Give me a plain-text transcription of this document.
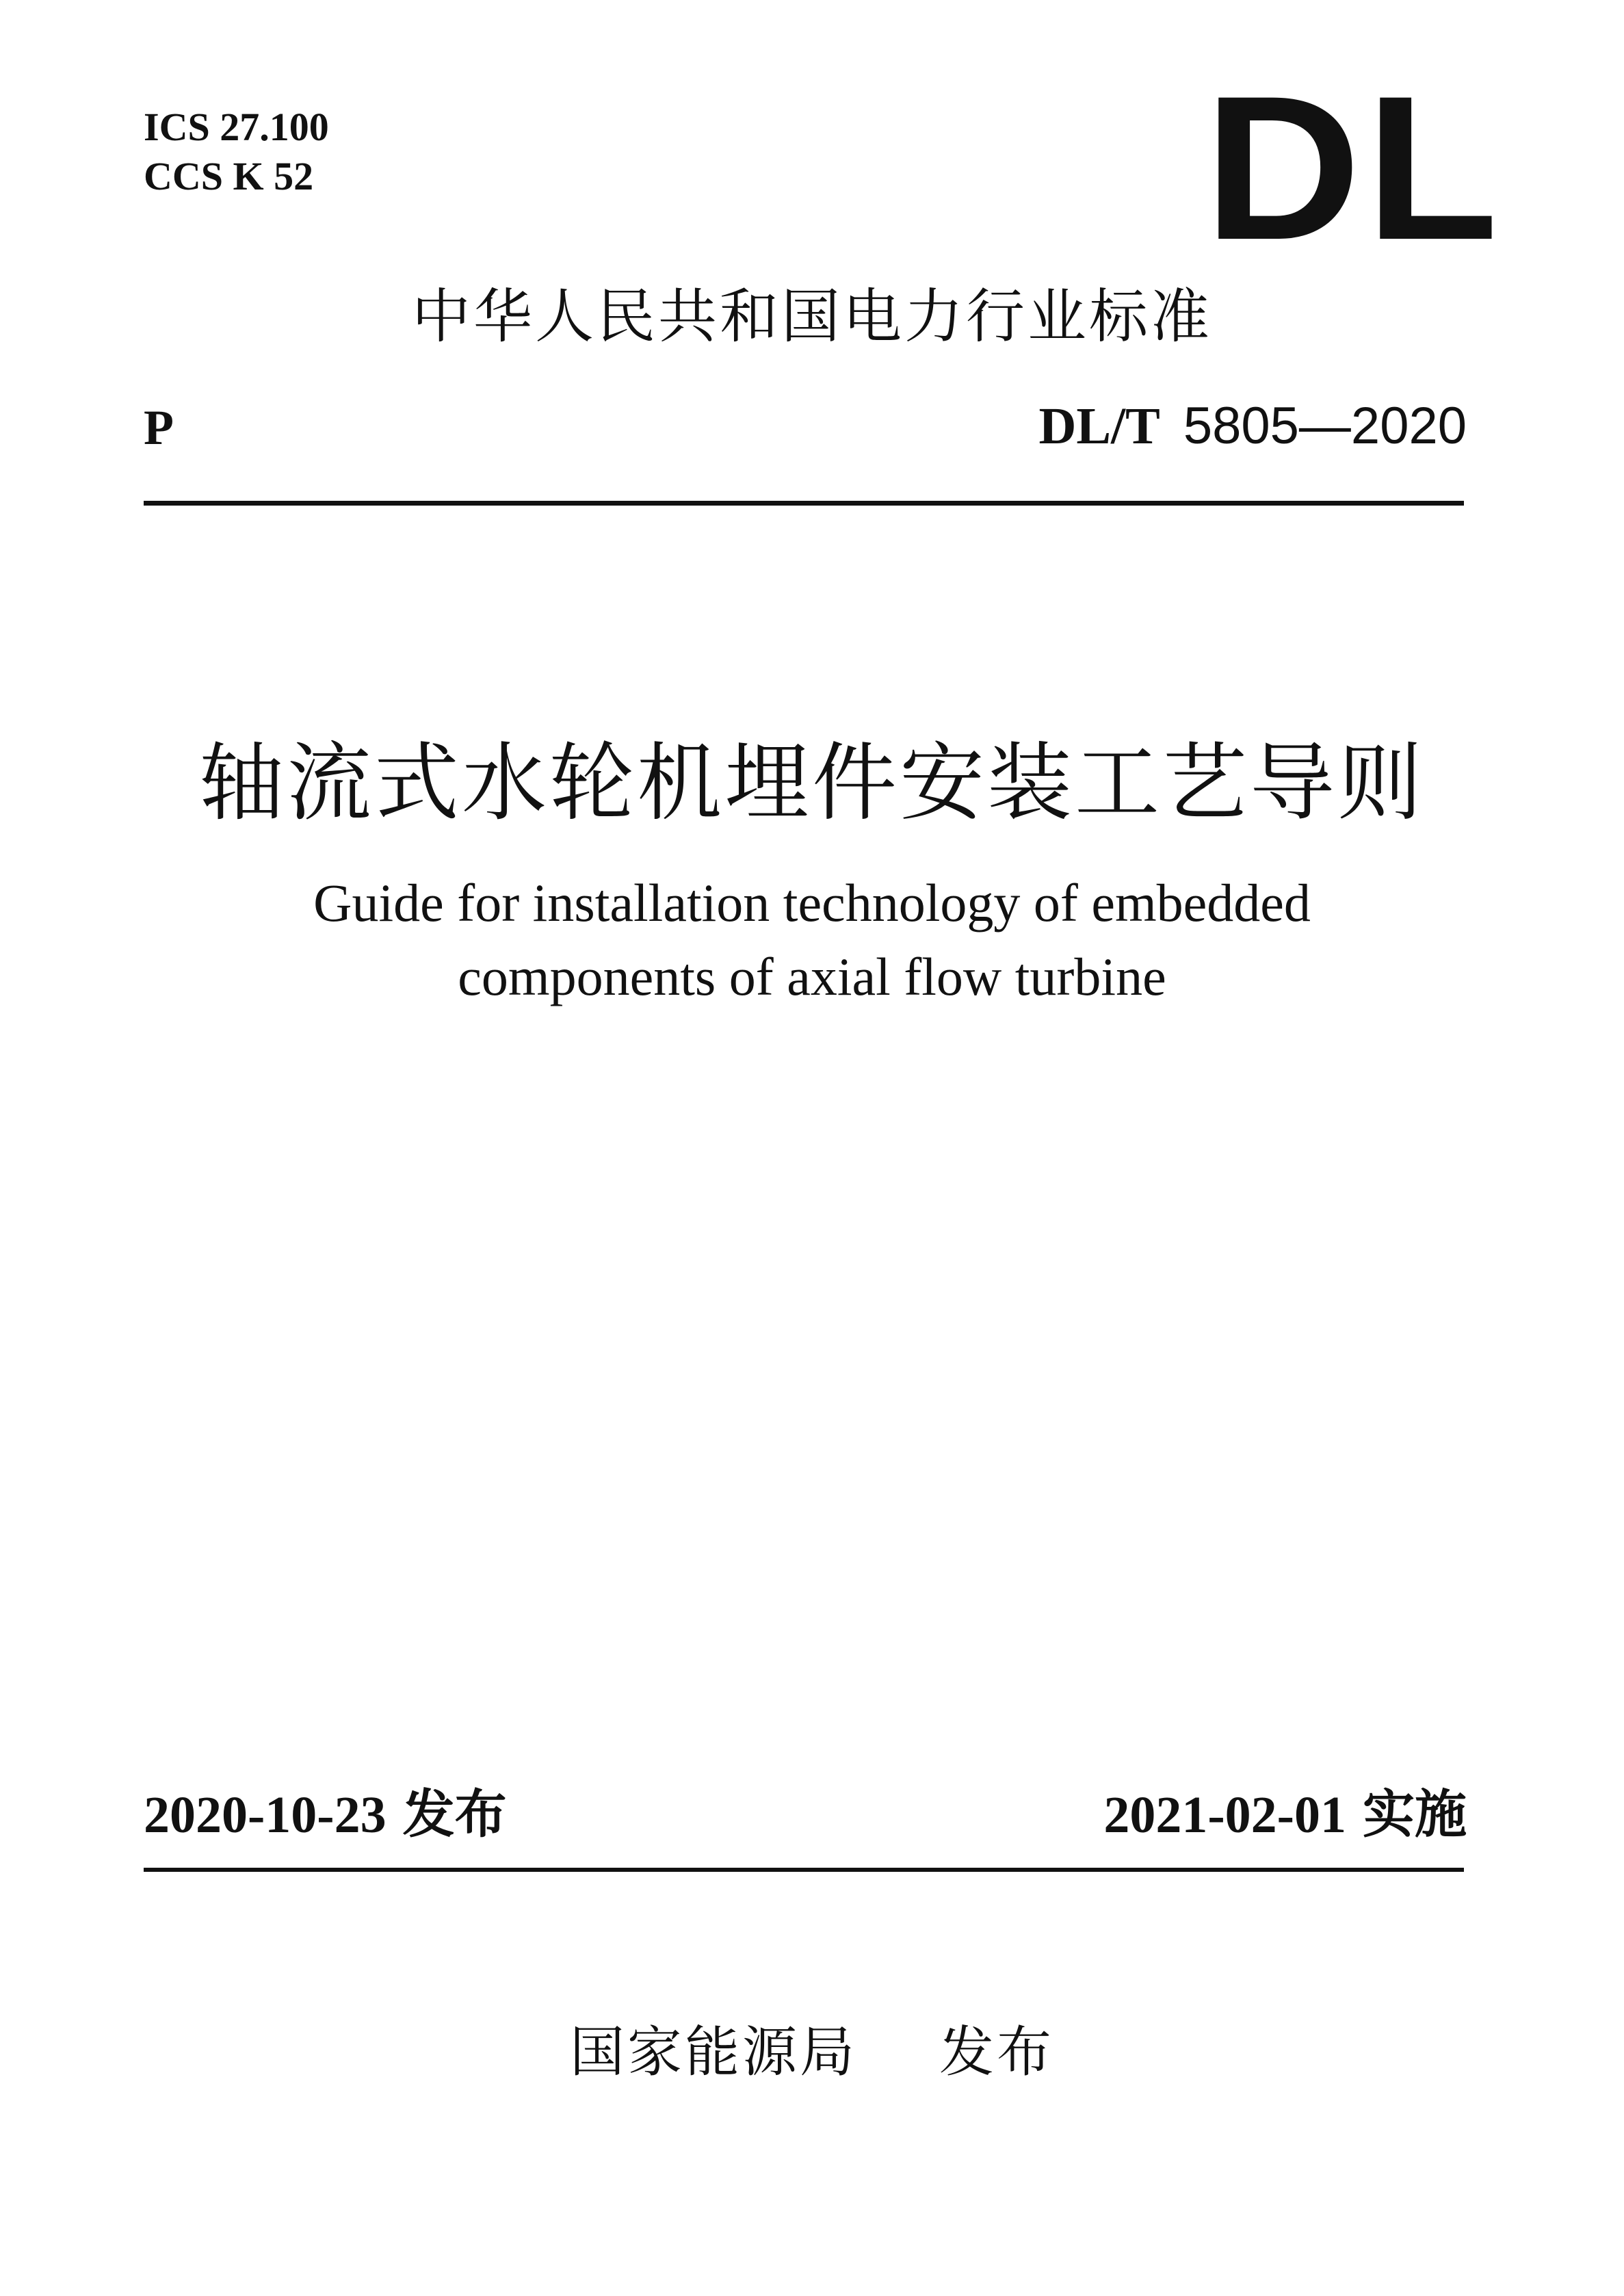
ICS 27.100
CCS K 52	DL
中华人民共和国电力行业标准
P	DL/T 5805—2020
轴流式水轮机埋件安装工艺导则
Guide for installation technology of embedded
components of axial flow turbine
2020-10-23 发布	2021-02-01 实施
国家能源局 发布
